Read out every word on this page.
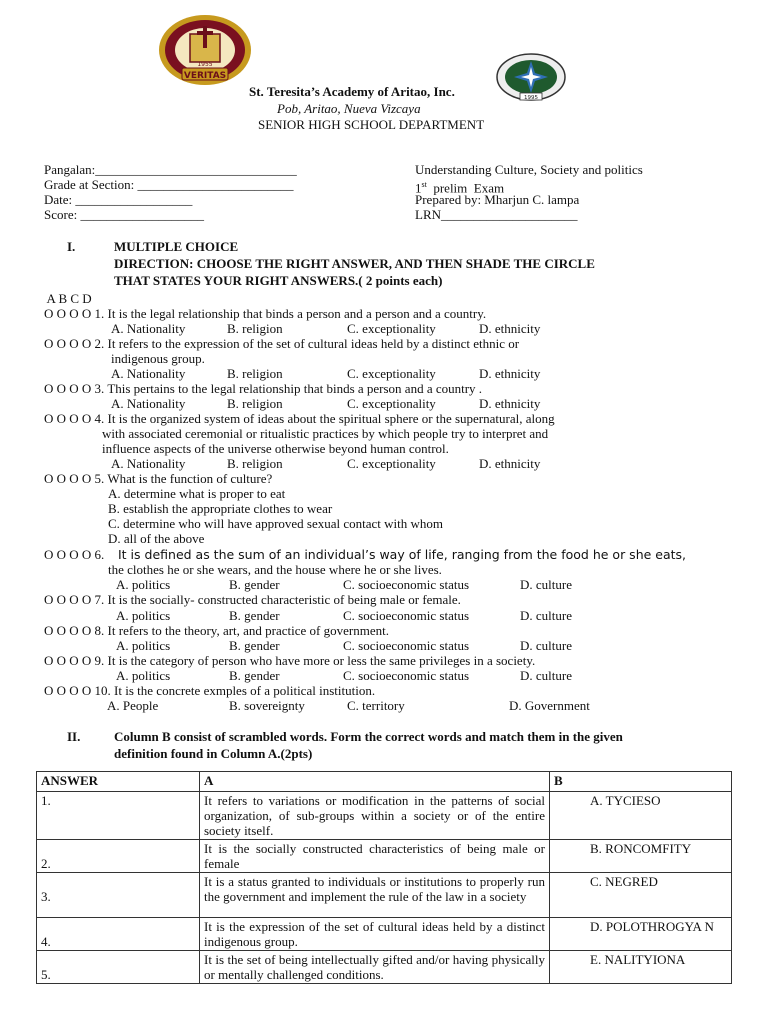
VERITAS
1955
1995
St. Teresita’s Academy of Aritao, Inc.
Pob, Aritao, Nueva Vizcaya
SENIOR HIGH SCHOOL DEPARTMENT
Pangalan:_______________________________
Grade at Section: ________________________
Date: __________________
Score: ___________________
Understanding Culture, Society and politics
1st  prelim  Exam
Prepared by: Mharjun C. lampa
LRN_____________________
I.	MULTIPLE CHOICE
DIRECTION: CHOOSE THE RIGHT ANSWER, AND THEN SHADE THE CIRCLE
THAT STATES YOUR RIGHT ANSWERS.( 2 points each)
A B C D
O O O O 1. It is the legal relationship that binds a person and a person and a country.
A. Nationality	B. religion	C. exceptionality	D. ethnicity
O O O O 2. It refers to the expression of the set of cultural ideas held by a distinct ethnic or
indigenous group.
A. Nationality	B. religion	C. exceptionality	D. ethnicity
O O O O 3. This pertains to the legal relationship that binds a person and a country .
A. Nationality	B. religion	C. exceptionality	D. ethnicity
O O O O 4. It is the organized system of ideas about the spiritual sphere or the supernatural, along
with associated ceremonial or ritualistic practices by which people try to interpret and
influence aspects of the universe otherwise beyond human control.
A. Nationality	B. religion	C. exceptionality	D. ethnicity
O O O O 5. What is the function of culture?
A. determine what is proper to eat
B. establish the appropriate clothes to wear
C. determine who will have approved sexual contact with whom
D. all of the above
O O O O 6. It is defined as the sum of an individual’s way of life, ranging from the food he or she eats,
the clothes he or she wears, and the house where he or she lives.
A. politics	B. gender	C. socioeconomic status	D. culture
O O O O 7. It is the socially- constructed characteristic of being male or female.
A. politics	B. gender	C. socioeconomic status	D. culture
O O O O 8. It refers to the theory, art, and practice of government.
A. politics	B. gender	C. socioeconomic status	D. culture
O O O O 9. It is the category of person who have more or less the same privileges in a society.
A. politics	B. gender	C. socioeconomic status	D. culture
O O O O 10. It is the concrete exmples of a political institution.
A. People	B. sovereignty	C. territory	D. Government
II.	Column B consist of scrambled words. Form the correct words and match them in the given
definition found in Column A.(2pts)
ANSWER	A	B
1.	It refers to variations or modification in the patterns of social organization, of sub-groups within a society or of the entire society itself.	A. TYCIESO
2.	It is the socially constructed characteristics of being male or female	B. RONCOMFITY
3.	It is a status granted to individuals or institutions to properly run the government and implement the rule of the law in a society	C. NEGRED
4.	It is the expression of the set of cultural ideas held by a distinct indigenous group.	D. POLOTHROGYA N
5.	It is the set of being intellectually gifted and/or having physically or mentally challenged conditions.	E. NALITYIONA
